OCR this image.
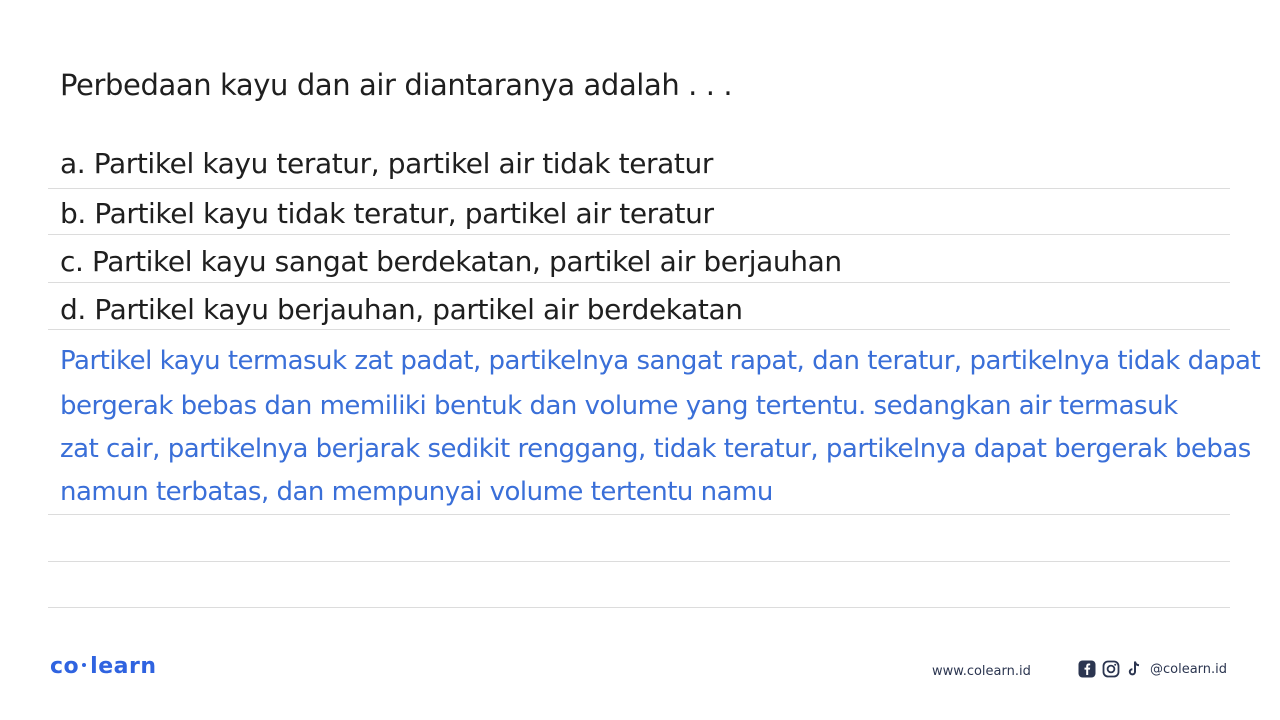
Perbedaan kayu dan air diantaranya adalah . . .
a. Partikel kayu teratur, partikel air tidak teratur
b. Partikel kayu tidak teratur, partikel air teratur
c. Partikel kayu sangat berdekatan, partikel air berjauhan
d. Partikel kayu berjauhan, partikel air berdekatan
Partikel kayu termasuk zat padat, partikelnya sangat rapat, dan teratur, partikelnya tidak dapat
bergerak bebas dan memiliki bentuk dan volume yang tertentu. sedangkan air termasuk
zat cair, partikelnya berjarak sedikit renggang, tidak teratur, partikelnya dapat bergerak bebas
namun terbatas, dan mempunyai volume tertentu namu
co learn	www.colearn.id	@colearn.id
